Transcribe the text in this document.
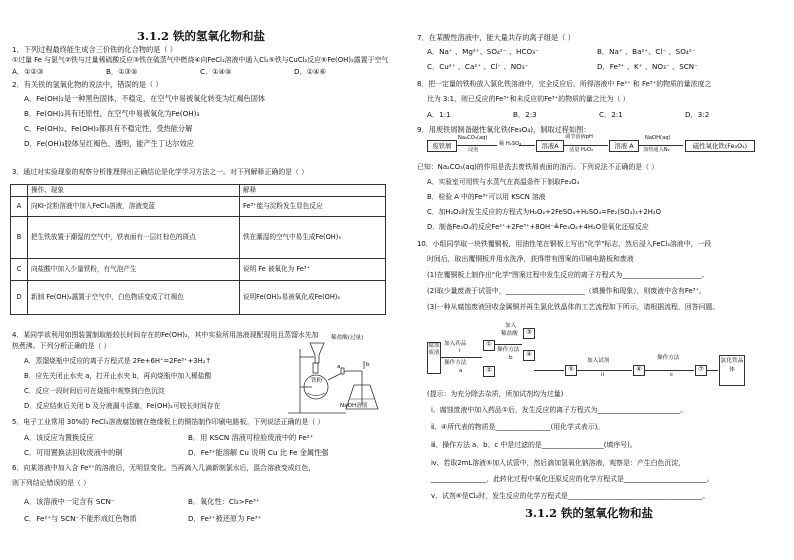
3.1.2 铁的氢氧化物和盐
1．下列过程最终能生成含三价铁的化合物的是（ ）
①过量 Fe 与氯气②铁与过量稀硫酸反应③铁在硫蒸气中燃烧④向FeCl₂溶液中通入Cl₂⑤铁与CuCl₂反应⑥Fe(OH)₂露置于空气
A．①②③	B．①③⑤	C．①④⑤	D．①④⑥
2．有关铁的氢氧化物的说法中，错误的是（ ）
A．Fe(OH)₂是一种黑色固体，不稳定，在空气中易被氧化转变为红褐色固体
B．Fe(OH)₂具有还原性，在空气中易被氧化为Fe(OH)₃
C．Fe(OH)₂、Fe(OH)₃都具有不稳定性，受热能分解
D．Fe(OH)₃胶体呈红褐色、透明，能产生丁达尔效应
3．通过对实验现象的观察分析推理得出正确结论是化学学习方法之一。对下列解释正确的是（ ）
	操作、现象	解释
A	向KI-淀粉溶液中加入FeCl₃溶液，溶液变蓝	Fe³⁺能与淀粉发生显色反应
B	把生铁放置于潮湿的空气中，铁表面有一层红棕色的斑点	铁在潮湿的空气中易生成Fe(OH)₃
C	向盐酸中加入少量铁粉，有气泡产生	说明 Fe 被氧化为 Fe³⁺
D	新制 Fe(OH)₂露置于空气中，白色物质变成了红褐色	说明Fe(OH)₂易被氧化成Fe(OH)₃
4．某同学欲利用如图装置制取能较长时间存在的Fe(OH)₂，其中实验所用溶液现配现用且蒸馏水先加
热煮沸。下列分析正确的是（ ）
A．蒸馏烧瓶中反应的离子方程式是 2Fe+6H⁺=2Fe³⁺+3H₂↑
B．应先关闭止水夹 a，打开止水夹 b，再向烧瓶中加入稀盐酸
C．反应一段时间后可在烧瓶中观察到白色沉淀
D．反应结束后关闭 b 及分液漏斗活塞，Fe(OH)₂可较长时间存在
稀盐酸(过量)
铁粉
NaOH溶液
a	b
5．电子工业常用 30%的 FeCl₃溶液腐蚀镀在绝缘板上的铜箔制作印刷电路板。下列说法正确的是（ ）
A．该反应为置换反应	B．用 KSCN 溶液可检验废液中的 Fe²⁺
C．可用置换法回收废液中的铜	D．Fe³⁺能溶解 Cu 说明 Cu 比 Fe 金属性强
6．向某溶液中加入含 Fe²⁺的溶液后，无明显变化。当再滴入几滴新制氯水后，混合溶液变成红色，
则下列结论错误的是（ ）
A．该溶液中一定含有 SCN⁻	B．氧化性：Cl₂>Fe³⁺
C．Fe²⁺与 SCN⁻不能形成红色物质	D．Fe²⁺被还原为 Fe³⁺
7．在某酸性溶液中，能大量共存的离子组是（ ）
A．Na⁺ 、Mg²⁺、SO₄²⁻ 、HCO₃⁻	B．Na⁺ 、Ba²⁺、Cl⁻ 、SO₄²⁻
C．Cu²⁺ 、Ca²⁺ 、Cl⁻ 、NO₃⁻	D．Fe³⁺ 、K⁺ 、NO₃⁻ 、SCN⁻
8．把一定量的铁粉放入氯化铁溶液中，完全反应后，所得溶液中 Fe²⁺ 和 Fe³⁺的物质的量浓度之
比为 3:1，则已反应的Fe³⁺和未反应的Fe³⁺的物质的量之比为（ ）
A．1:1	B．2:3	C．2:1	D．3:2
9．用废铁屑制备磁性氧化铁(Fe₃O₄)，制取过程如图：
废铁屑
Na₂CO₃(aq)
浸泡
稀 H₂SO₄	溶液A
调节溶液pH
适量 H₂O₂	溶液 A
NaOH(aq)
加热通入N₂	磁性氧化铁(Fe₃O₄)
已知：Na₂CO₃(aq)的作用是洗去废铁屑表面的油污。下列说法不正确的是（ ）
A．实验室可用铁与水蒸气在高温条件下制取Fe₃O₄
B．检验 A 中的Fe³⁺可以用 KSCN 溶液
C．加H₂O₂时发生反应的方程式为H₂O₂+2FeSO₄+H₂SO₄=Fe₂(SO₄)₃+2H₂O
D．制备Fe₃O₄的反应Fe²⁺+2Fe³⁺+8OH⁻≜Fe₃O₄+4H₂O是氧化还原反应
10．小组同学取一块铁覆铜板，用油性笔在铜板上写出"化学"标志，然后浸入FeCl₃溶液中，一段
时间后，取出覆铜板并用水洗净，获得带有图案的印刷电路板和废液
(1)在覆铜板上制作出"化学"图案过程中发生反应的离子方程式为_______________________。
(2)取少量废液于试管中，_______________________（填操作和现象），则废液中含有Fe³⁺。
(3)一种从腐蚀废液回收金属铜并再生氯化铁晶体的工艺流程如下所示，请根据流程，回答问题。
腐蚀废液
加入药品
i
操作方法
a
①
②
加入
稀盐酸
操作方法
b
③
④
⑤
加入试剂
ii
⑥
操作方法
c
⑦
氯化铁晶体
(提示：为充分除去杂质，所加试剂均为过量)
ⅰ、腐蚀废液中加入药品①后，发生反应的离子方程式为________________________。
ⅱ、④所代表的物质是________________(用化学式表示)。
ⅲ、操作方法 a、b、c 中是过滤的是__________________(填序号)。
ⅳ、若取2mL溶液⑤加入试管中，然后滴加氢氧化钠溶液，观察是：产生白色沉淀，
________________，此转化过程中氧化还原反应的化学方程式是________________________。
ⅴ、试剂⑥是Cl₂时，发生反应的化学方程式是_______________________________________。
3.1.2 铁的氢氧化物和盐
